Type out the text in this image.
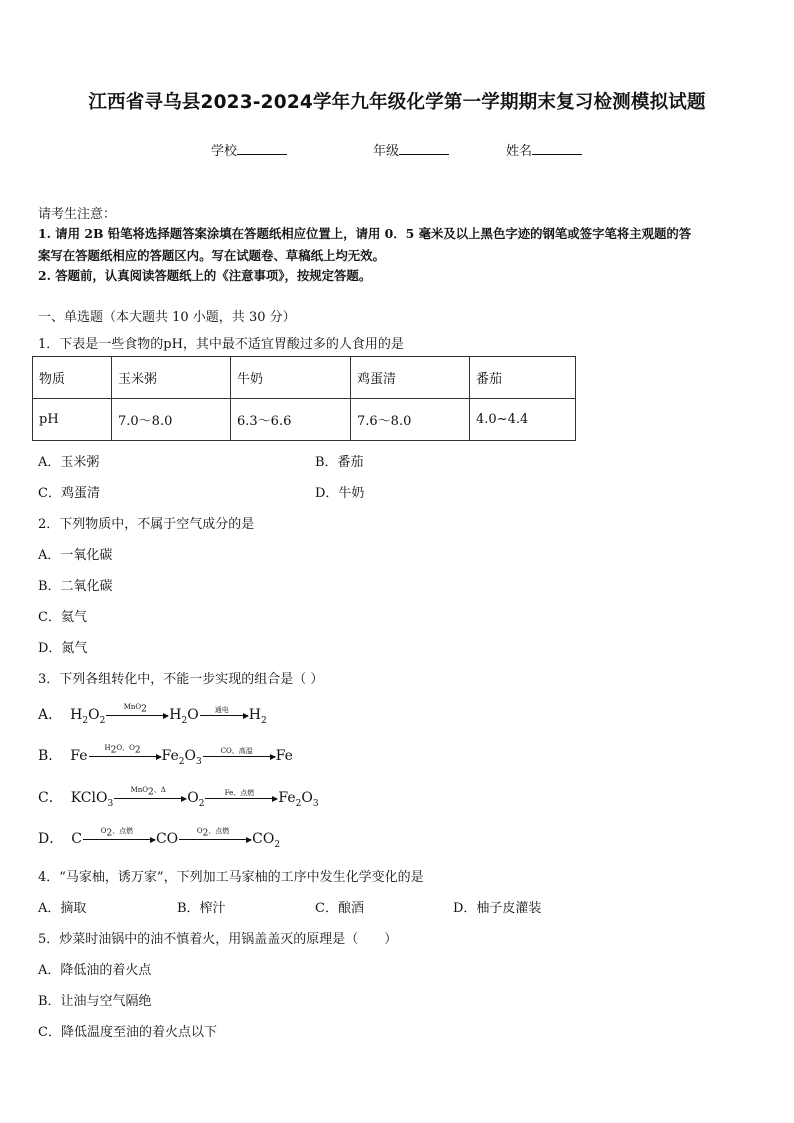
江西省寻乌县2023-2024学年九年级化学第一学期期末复习检测模拟试题
学校	年级	姓名
请考生注意：
1. 请用 2B 铅笔将选择题答案涂填在答题纸相应位置上，请用 0．5 毫米及以上黑色字迹的钢笔或签字笔将主观题的答
案写在答题纸相应的答题区内。写在试题卷、草稿纸上均无效。
2. 答题前，认真阅读答题纸上的《注意事项》，按规定答题。
一、单选题（本大题共 10 小题，共 30 分）
1．下表是一些食物的pH，其中最不适宜胃酸过多的人食用的是
物质	玉米粥	牛奶	鸡蛋清	番茄
pH	7.0～8.0	6.3～6.6	7.6～8.0	4.0~4.4
A．玉米粥	B．番茄
C．鸡蛋清	D．牛奶
2．下列物质中，不属于空气成分的是
A．一氧化碳
B．二氧化碳
C．氦气
D．氮气
3．下列各组转化中，不能一步实现的组合是（ ）
A． $H_2O_2$
MnO$_2$	$H_2O$	通电	$H_2$
B． Fe	$H_2O$、$O_2$	$Fe_2O_3$
CO、高温	Fe
C． KClO$_3$
MnO$_2$、Δ	$O_2$
Fe、点燃	$Fe_2O_3$
D． C	$O_2$、点燃	CO	$O_2$、点燃	$CO_2$
4．“马家柚，诱万家”，下列加工马家柚的工序中发生化学变化的是
A．摘取	B．榨汁	C．酿酒	D．柚子皮灌装
5．炒菜时油锅中的油不慎着火，用锅盖盖灭的原理是（　　）
A．降低油的着火点
B．让油与空气隔绝
C．降低温度至油的着火点以下
